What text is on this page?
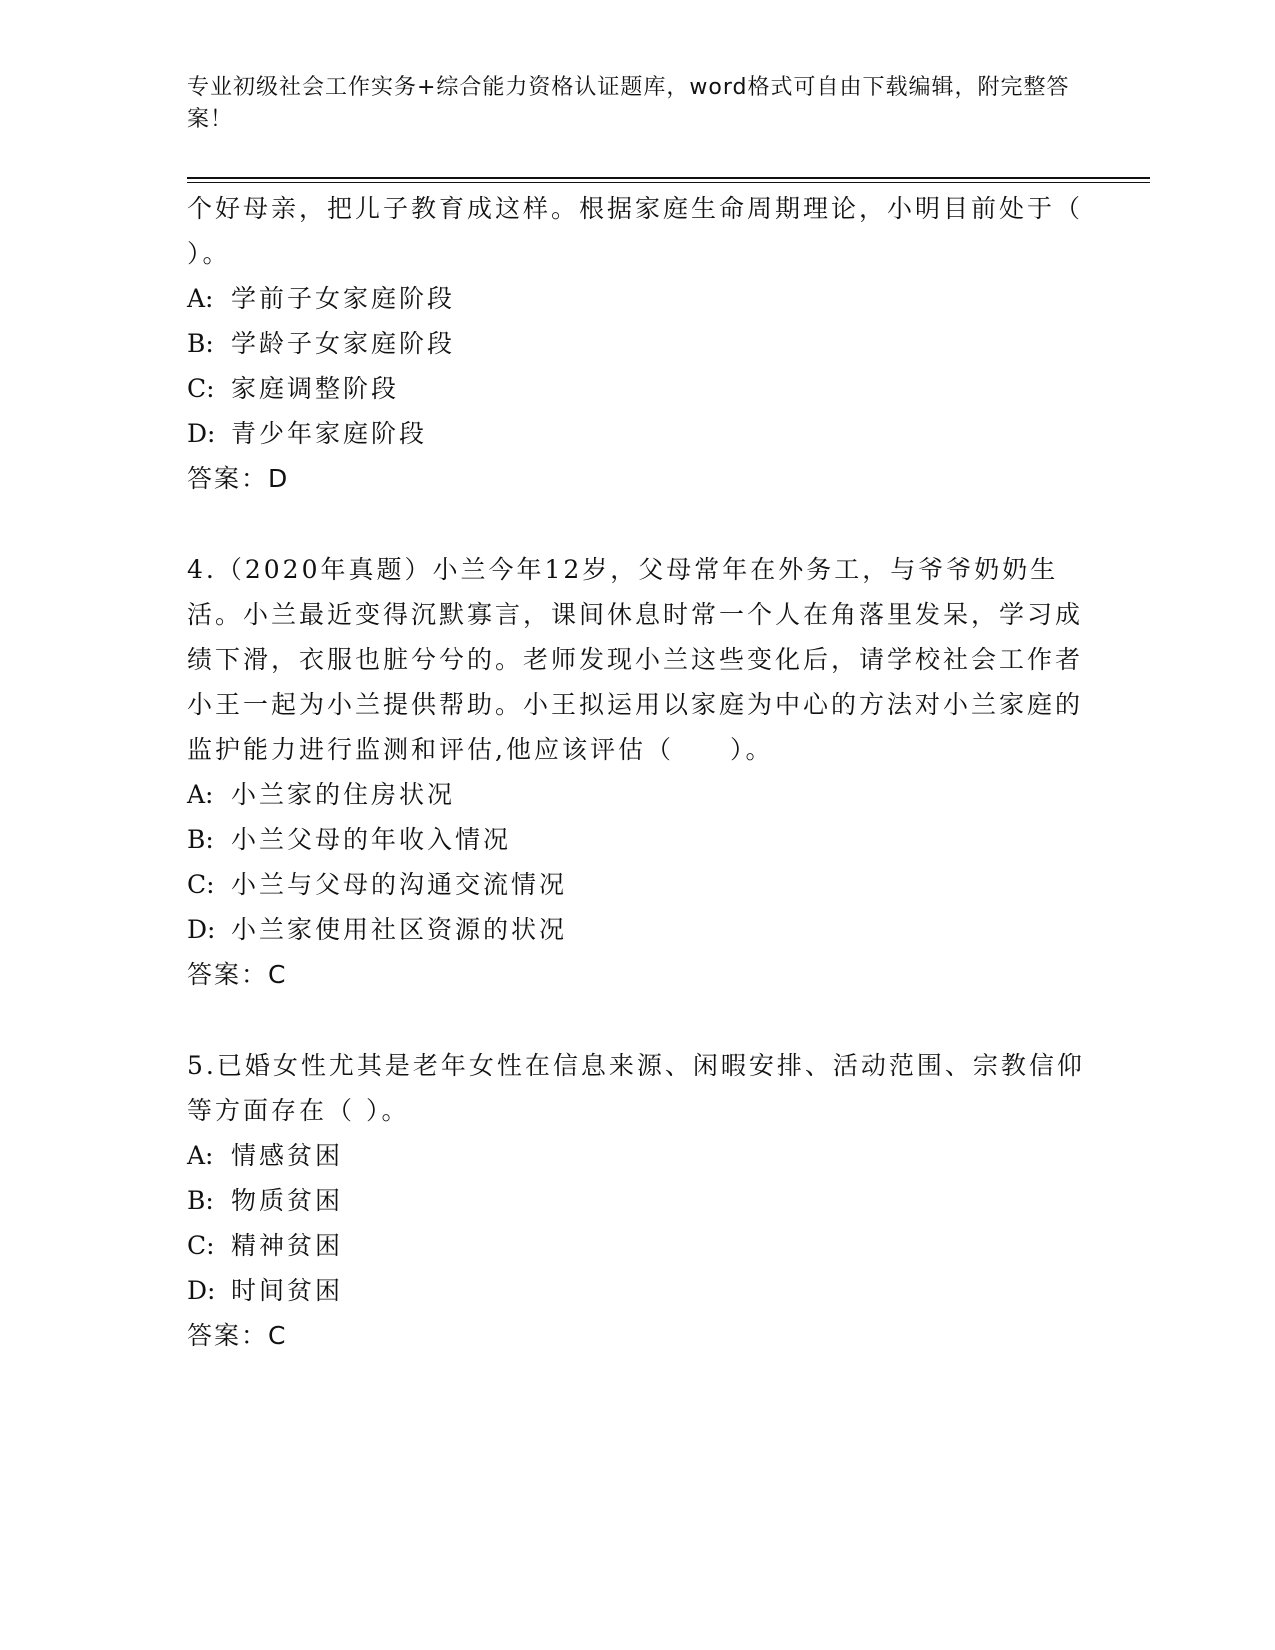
专业初级社会工作实务+综合能力资格认证题库，word格式可自由下载编辑，附完整答案！

个好母亲，把儿子教育成这样。根据家庭生命周期理论，小明目前处于（ ）。

A: 学前子女家庭阶段

B: 学龄子女家庭阶段

C: 家庭调整阶段

D: 青少年家庭阶段

答案：D

4.（2020年真题）小兰今年12岁，父母常年在外务工，与爷爷奶奶生活。小兰最近变得沉默寡言，课间休息时常一个人在角落里发呆，学习成绩下滑，衣服也脏兮兮的。老师发现小兰这些变化后，请学校社会工作者小王一起为小兰提供帮助。小王拟运用以家庭为中心的方法对小兰家庭的监护能力进行监测和评估,他应该评估（　　）。

A: 小兰家的住房状况

B: 小兰父母的年收入情况

C: 小兰与父母的沟通交流情况

D: 小兰家使用社区资源的状况

答案：C

5.已婚女性尤其是老年女性在信息来源、闲暇安排、活动范围、宗教信仰等方面存在（ ）。

A: 情感贫困

B: 物质贫困

C: 精神贫困

D: 时间贫困

答案：C
